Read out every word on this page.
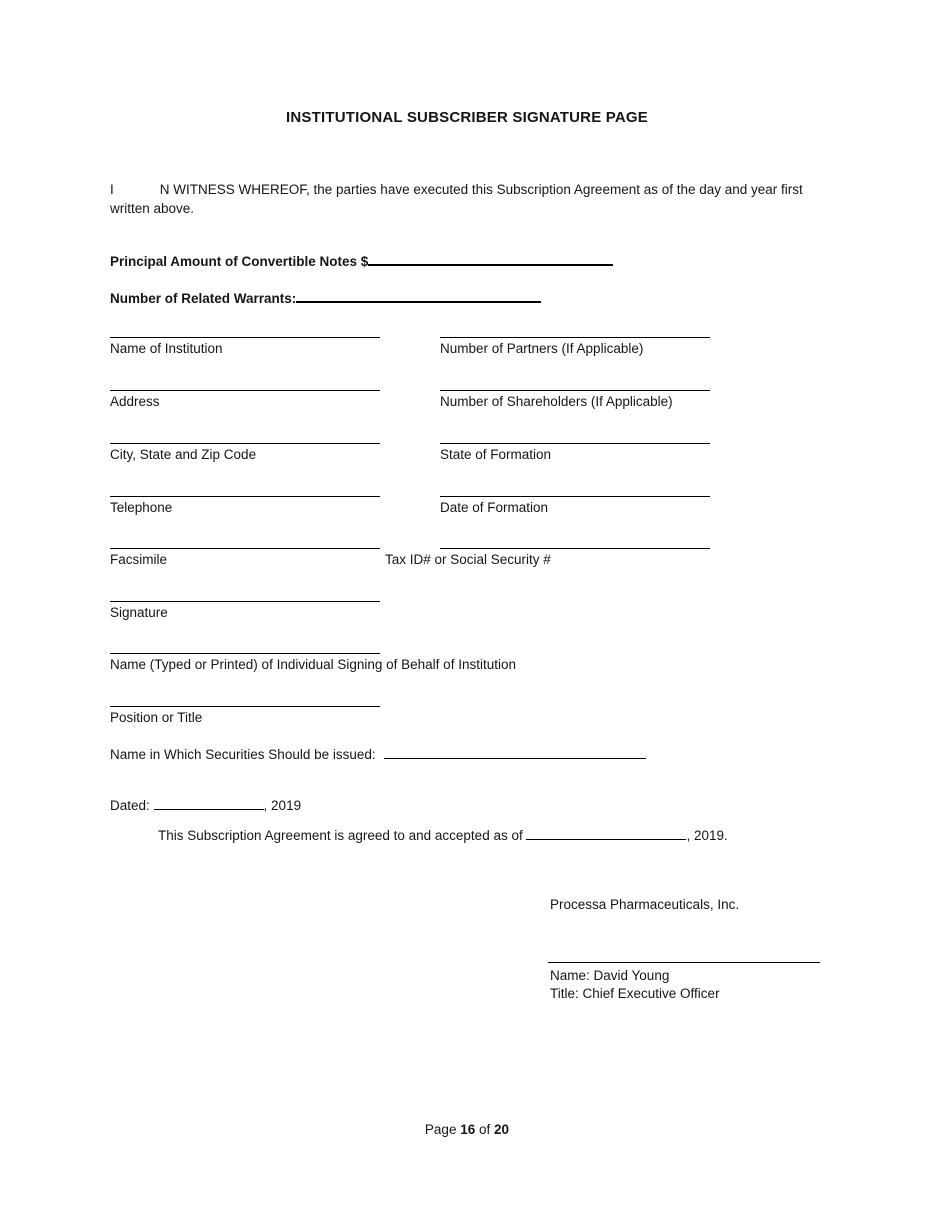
INSTITUTIONAL SUBSCRIBER SIGNATURE PAGE
I	N WITNESS WHEREOF, the parties have executed this Subscription Agreement as of the day and year first written above.
Principal Amount of Convertible Notes $
Number of Related Warrants:
Name of Institution	Number of Partners (If Applicable)
Address	Number of Shareholders (If Applicable)
City, State and Zip Code	State of Formation
Telephone	Date of Formation
Facsimile	Tax ID# or Social Security #
Signature
Name (Typed or Printed) of Individual Signing of Behalf of Institution
Position or Title
Name in Which Securities Should be issued:
Dated:	, 2019
This Subscription Agreement is agreed to and accepted as of	, 2019.
Processa Pharmaceuticals, Inc.
Name: David Young
Title: Chief Executive Officer
Page 16 of 20
